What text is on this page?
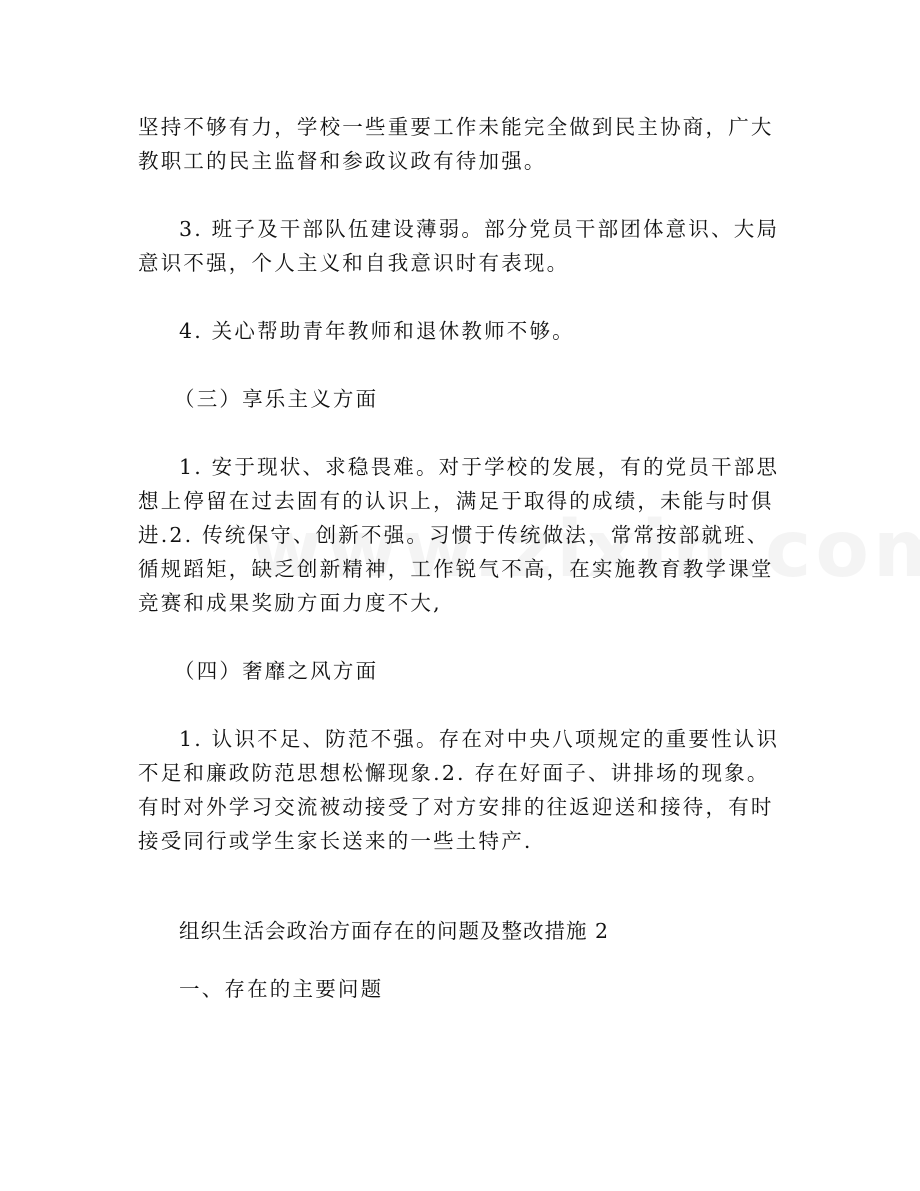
坚持不够有力，学校一些重要工作未能完全做到民主协商，广大教职工的民主监督和参政议政有待加强。

3. 班子及干部队伍建设薄弱。部分党员干部团体意识、大局意识不强，个人主义和自我意识时有表现。

4. 关心帮助青年教师和退休教师不够。

（三）享乐主义方面

1. 安于现状、求稳畏难。对于学校的发展，有的党员干部思想上停留在过去固有的认识上，满足于取得的成绩，未能与时俱进.2. 传统保守、创新不强。习惯于传统做法，常常按部就班、循规蹈矩，缺乏创新精神，工作锐气不高，在实施教育教学课堂竞赛和成果奖励方面力度不大,

（四）奢靡之风方面

1. 认识不足、防范不强。存在对中央八项规定的重要性认识不足和廉政防范思想松懈现象.2. 存在好面子、讲排场的现象。有时对外学习交流被动接受了对方安排的往返迎送和接待，有时接受同行或学生家长送来的一些土特产.

组织生活会政治方面存在的问题及整改措施 2

一、存在的主要问题
